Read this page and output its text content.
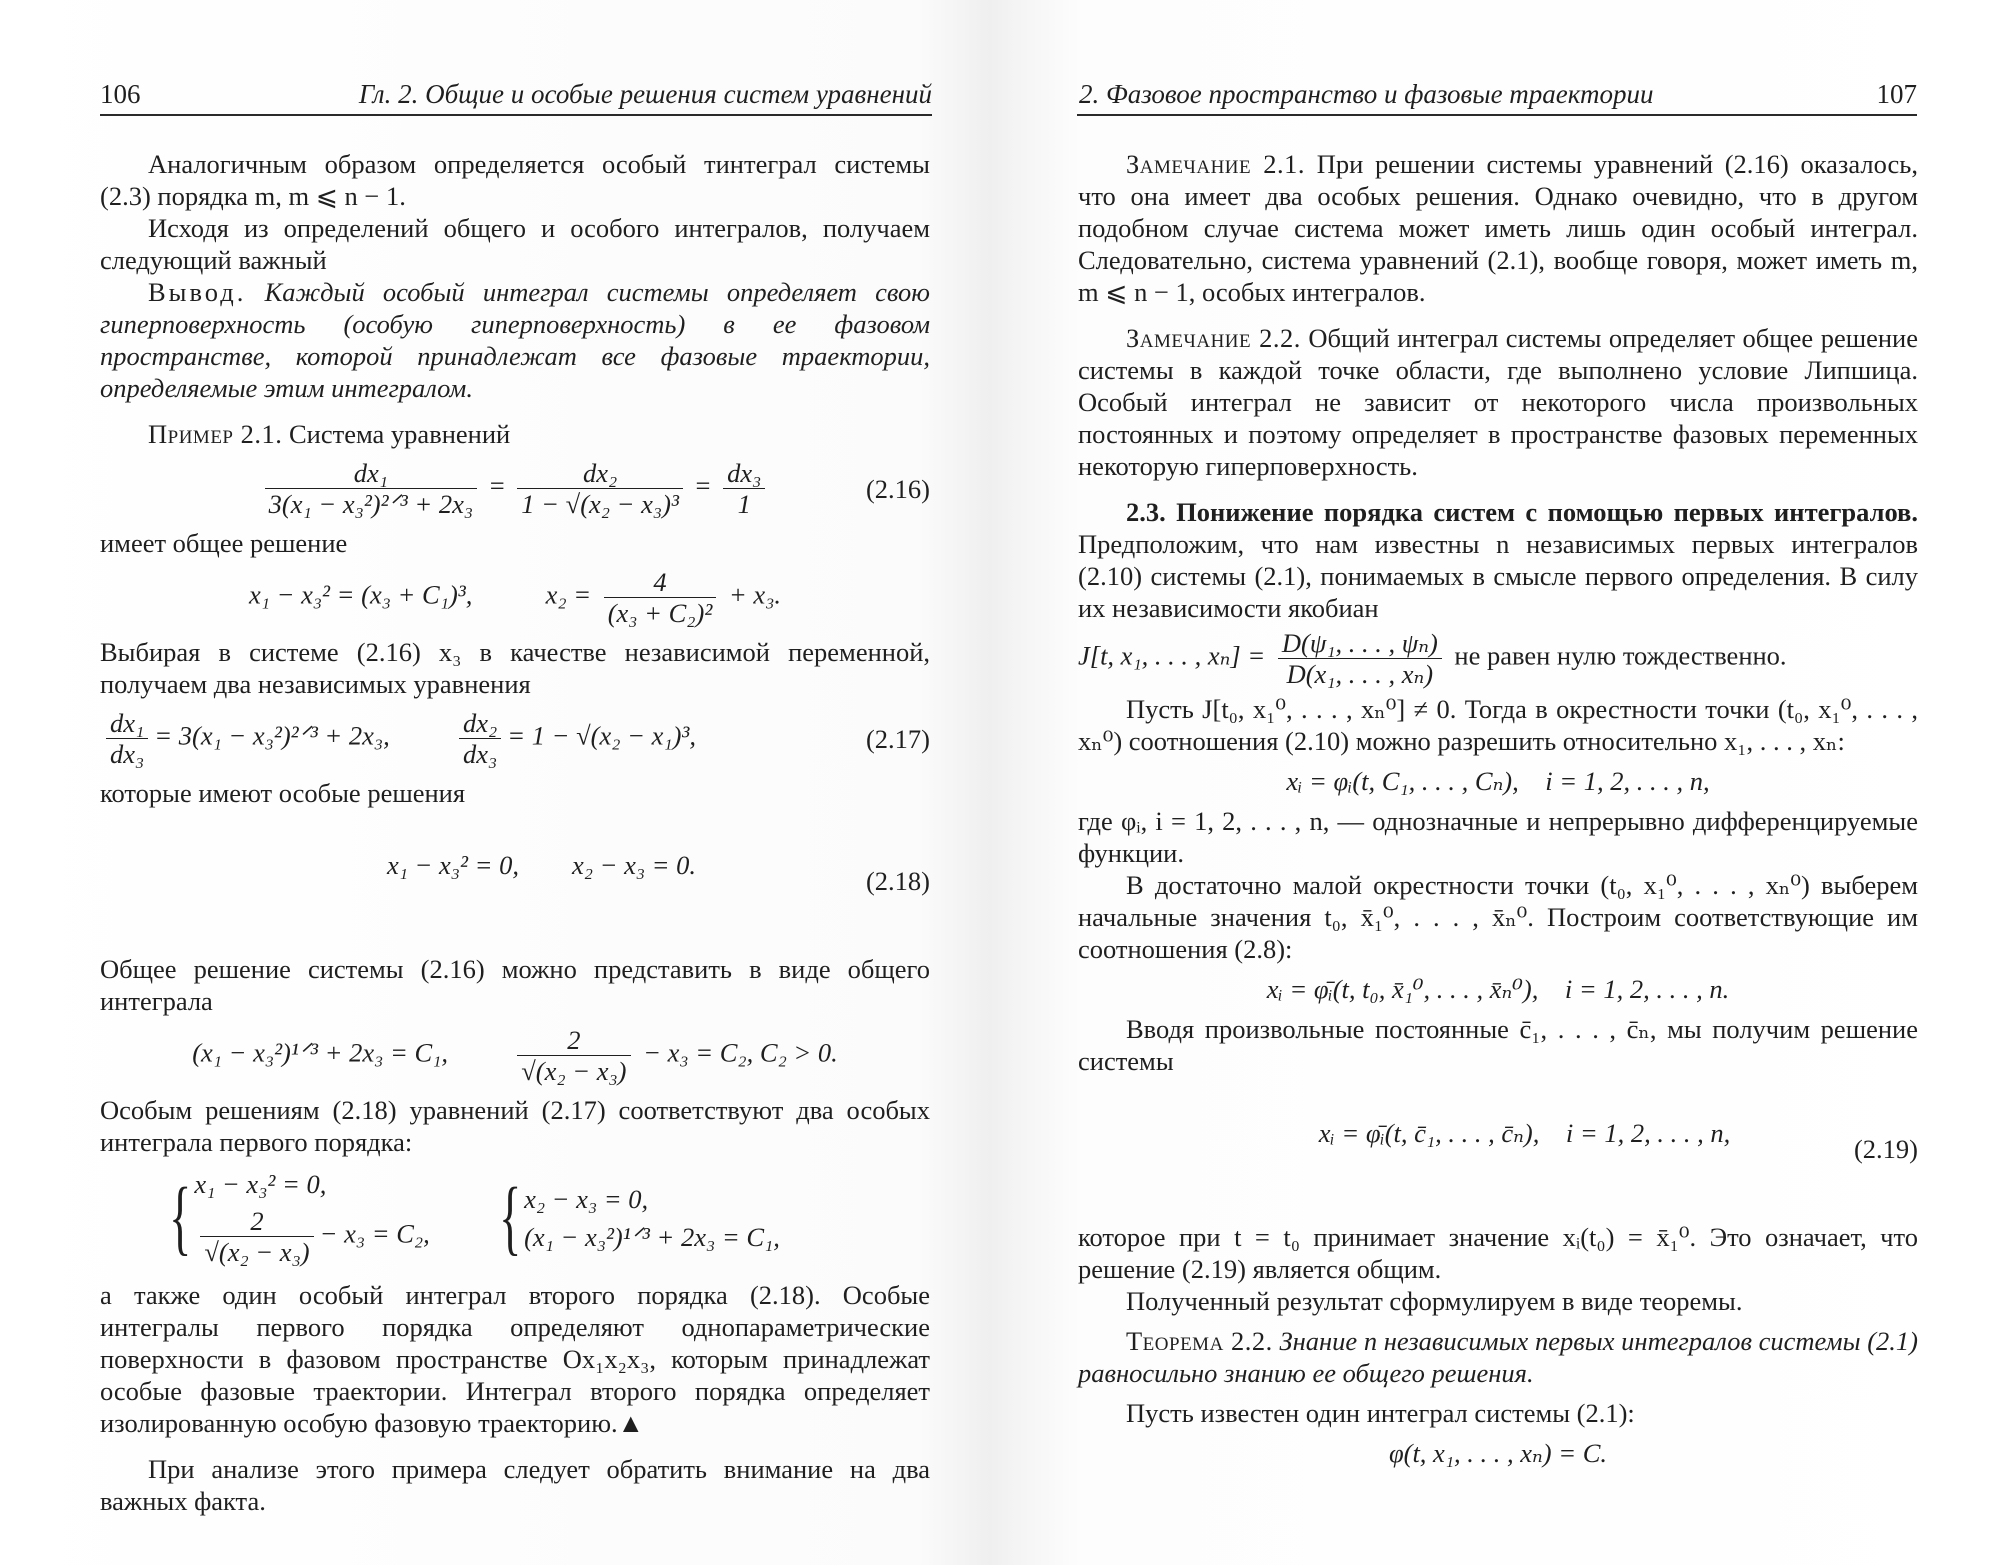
106	Гл. 2. Общие и особые решения систем уравнений

Аналогичным образом определяется особый тинтеграл системы (2.3) порядка m, m ⩽ n − 1.

Исходя из определений общего и особого интегралов, получаем следующий важный

Вывод. Каждый особый интеграл системы определяет свою гиперповерхность (особую гиперповерхность) в ее фазовом пространстве, которой принадлежат все фазовые траектории, определяемые этим интегралом.

Пример 2.1. Система уравнений

$\frac{\text{dx₁}}{\text{3(x₁ − x₃²)²ᐟ³ + 2x₃}} = \frac{\text{dx₂}}{\text{1 − √(x₂ − x₃)³}} = \frac{\text{dx₃}}{1}$	(2.16)

имеет общее решение

x₁ − x₃² = (x₃ + C₁)³,	$x_2 = \frac{4}{\text{(x₃ + C₂)²}} + x_3$.

Выбирая в системе (2.16) x₃ в качестве независимой переменной, получаем два независимых уравнения

$\frac{\text{dx₁}}{\text{dx₃}} = 3(x_1$ − x₃²)²ᐟ³ + 2x₃,	$\frac{\text{dx₂}}{\text{dx₃}} = 1 - √(x_2 - x_1)^3$,	(2.17)

которые имеют особые решения

x₁ − x₃² = 0,        x₂ − x₃ = 0.

(2.18)

Общее решение системы (2.16) можно представить в виде общего интеграла

(x₁ − x₃²)¹ᐟ³ + 2x₃ = C₁,	$\frac{2}{\text{√(x₂ − x₃)}} - x_3 = C_2$, C₂ > 0.

Особым решениям (2.18) уравнений (2.17) соответствуют два особых интеграла первого порядка:

{ x₁ − x₃² = 0,
$\frac{2}{\text{√(x₂ − x₃)}} - x_3 = C_2$, { x₂ − x₃ = 0,
(x₁ − x₃²)¹ᐟ³ + 2x₃ = C₁,

а также один особый интеграл второго порядка (2.18). Особые интегралы первого порядка определяют однопараметрические поверхности в фазовом пространстве Ox₁x₂x₃, которым принадлежат особые фазовые траектории. Интеграл второго порядка определяет изолированную особую фазовую траекторию.▲

При анализе этого примера следует обратить внимание на два важных факта.

2. Фазовое пространство и фазовые траектории	107

Замечание 2.1. При решении системы уравнений (2.16) оказалось, что она имеет два особых решения. Однако очевидно, что в другом подобном случае система может иметь лишь один особый интеграл. Следовательно, система уравнений (2.1), вообще говоря, может иметь m, m ⩽ n − 1, особых интегралов.

Замечание 2.2. Общий интеграл системы определяет общее решение системы в каждой точке области, где выполнено условие Липшица. Особый интеграл не зависит от некоторого числа произвольных постоянных и поэтому определяет в пространстве фазовых переменных некоторую гиперповерхность.

2.3. Понижение порядка систем с помощью первых интегралов. Предположим, что нам известны n независимых первых интегралов (2.10) системы (2.1), понимаемых в смысле первого определения. В силу их независимости якобиан

J[t, x₁, . . . , $x_n] = \frac{\text{D(ψ₁, . . . , ψₙ)}}{\text{D(x₁, . . . , xₙ)}}$ не равен нулю тождественно.

Пусть J[t₀, x₁⁰, . . . , xₙ⁰] ≠ 0. Тогда в окрестности точки (t₀, x₁⁰, . . . , xₙ⁰) соотношения (2.10) можно разрешить относительно x₁, . . . , xₙ:

xᵢ = φᵢ(t, C₁, . . . , Cₙ),    i = 1, 2, . . . , n,

где φᵢ, i = 1, 2, . . . , n, — однозначные и непрерывно дифференцируемые функции.

В достаточно малой окрестности точки (t₀, x₁⁰, . . . , xₙ⁰) выберем начальные значения t₀, x̄₁⁰, . . . , x̄ₙ⁰. Построим соответствующие им соотношения (2.8):

xᵢ = φ̄ᵢ(t, t₀, x̄₁⁰, . . . , x̄ₙ⁰),    i = 1, 2, . . . , n.

Вводя произвольные постоянные c̄₁, . . . , c̄ₙ, мы получим решение системы

xᵢ = φ̄ᵢ(t, c̄₁, . . . , c̄ₙ),    i = 1, 2, . . . , n,

(2.19)

которое при t = t₀ принимает значение xᵢ(t₀) = x̄₁⁰. Это означает, что решение (2.19) является общим.

Полученный результат сформулируем в виде теоремы.

Теорема 2.2. Знание n независимых первых интегралов системы (2.1) равносильно знанию ее общего решения.

Пусть известен один интеграл системы (2.1):

φ(t, x₁, . . . , xₙ) = C.
